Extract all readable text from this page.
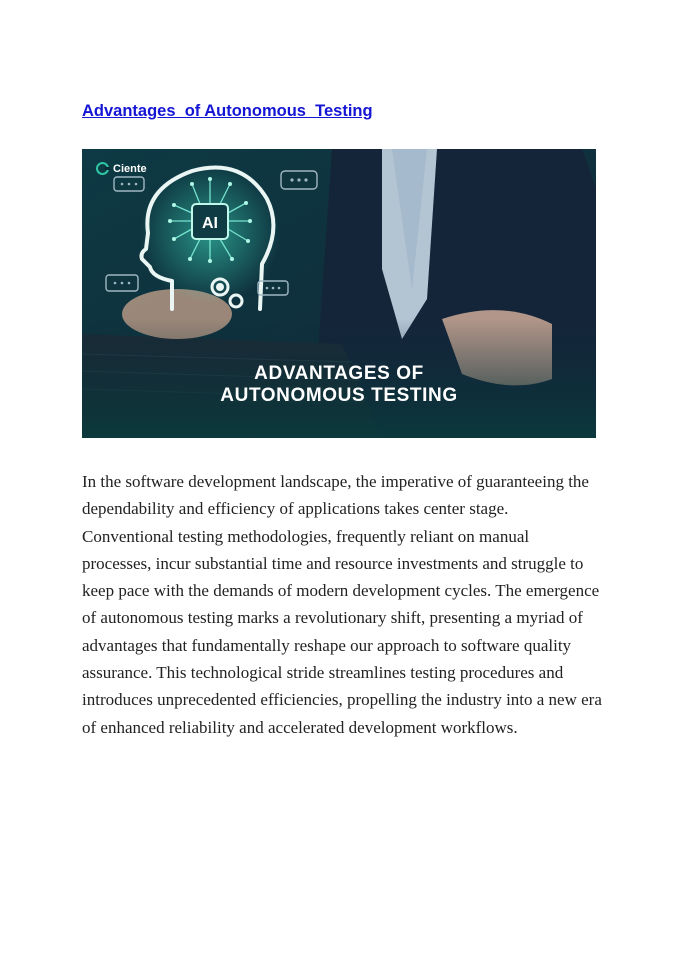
Advantages  of Autonomous  Testing
AI
Ciente
ADVANTAGES OF
AUTONOMOUS TESTING

In the software development landscape, the imperative of guaranteeing the dependability and efficiency of applications takes center stage. Conventional testing methodologies, frequently reliant on manual processes, incur substantial time and resource investments and struggle to keep pace with the demands of modern development cycles. The emergence of autonomous testing marks a revolutionary shift, presenting a myriad of advantages that fundamentally reshape our approach to software quality assurance. This technological stride streamlines testing procedures and introduces unprecedented efficiencies, propelling the industry into a new era of enhanced reliability and accelerated development workflows.
